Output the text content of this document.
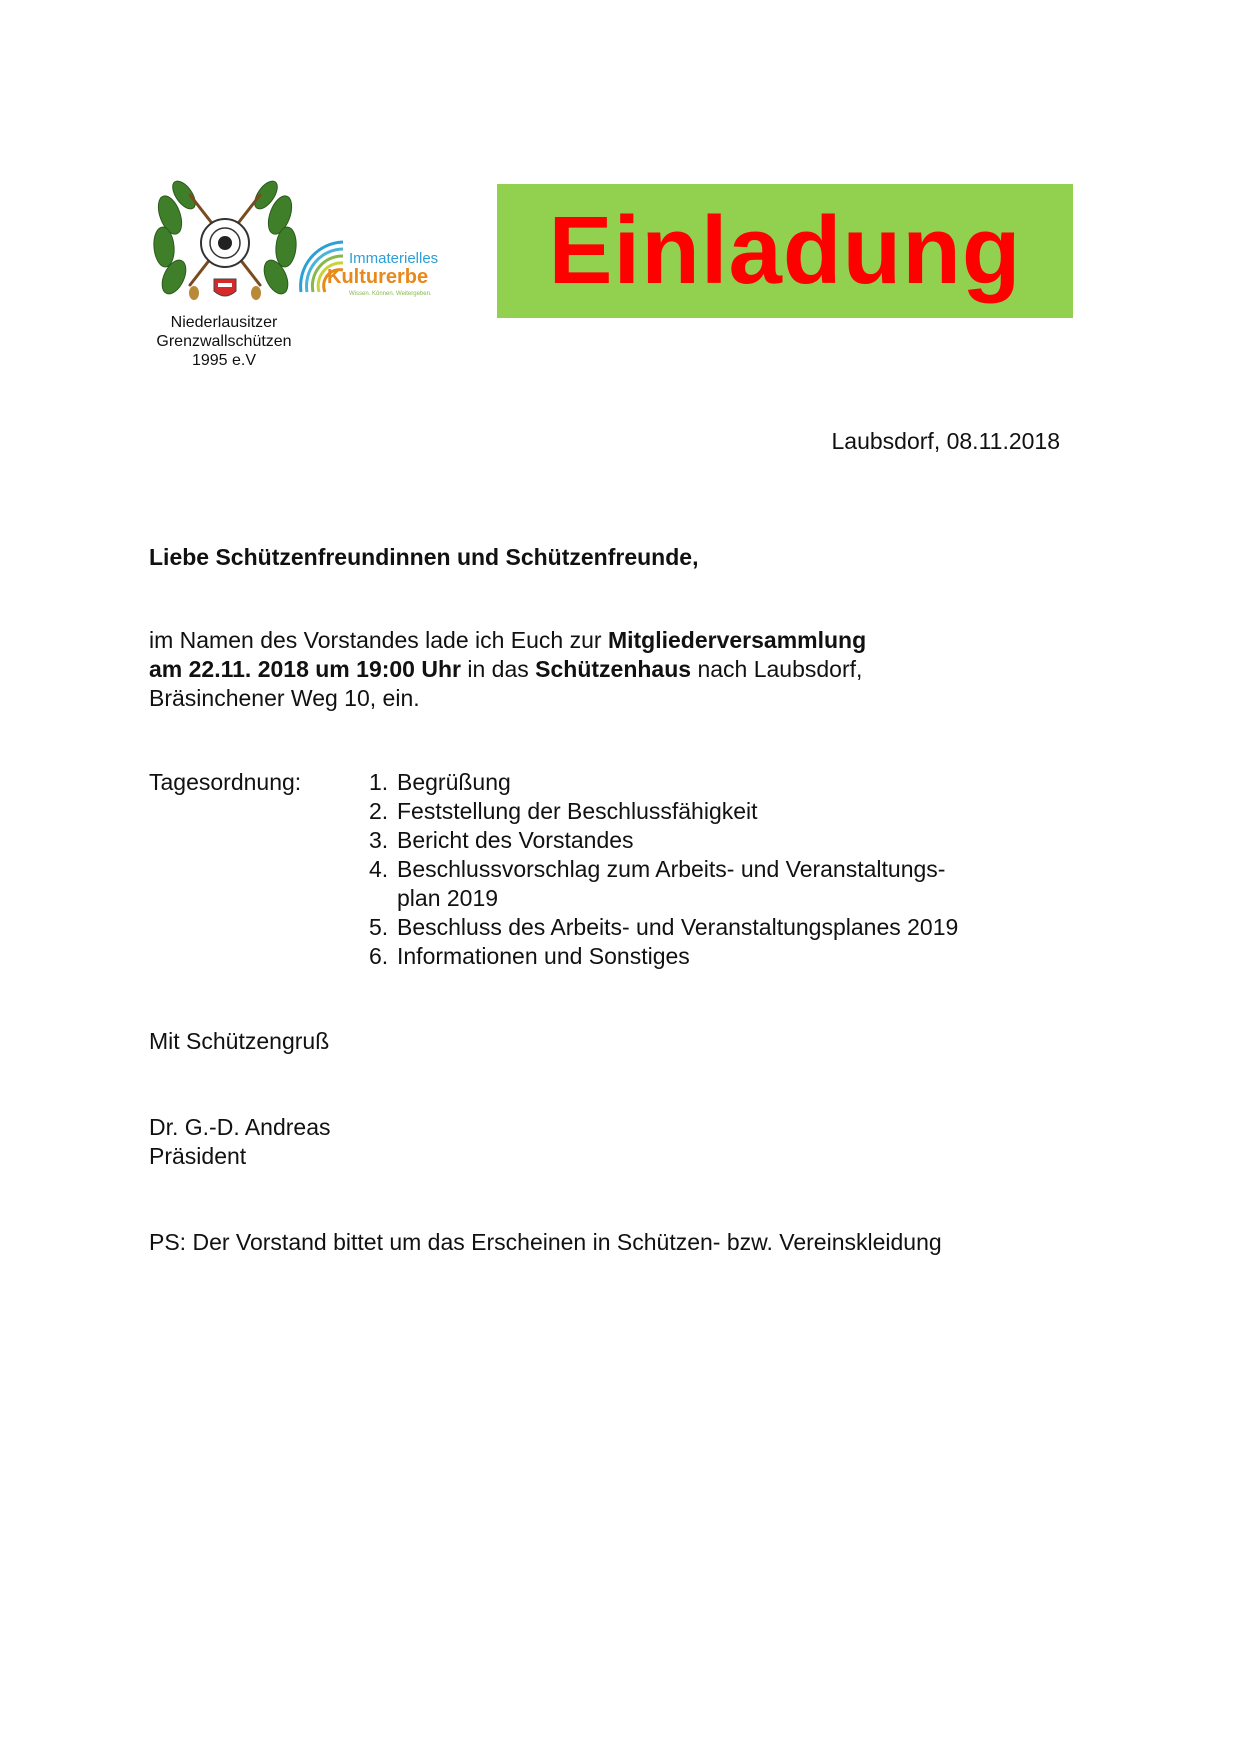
Niederlausitzer
Grenzwallschützen
1995 e.V
Immaterielles
Kulturerbe
Wissen. Können. Weitergeben. Einladung
Laubsdorf, 08.11.2018
Liebe Schützenfreundinnen und Schützenfreunde,
im Namen des Vorstandes lade ich Euch zur Mitgliederversammlung
am 22.11. 2018 um 19:00 Uhr in das Schützenhaus nach Laubsdorf,
Bräsinchener Weg 10, ein.
Tagesordnung:	1. Begrüßung
2. Feststellung der Beschlussfähigkeit
3. Bericht des Vorstandes
4. Beschlussvorschlag zum Arbeits- und Veranstaltungs-
plan 2019
5. Beschluss des Arbeits- und Veranstaltungsplanes 2019
6. Informationen und Sonstiges
Mit Schützengruß
Dr. G.-D. Andreas
Präsident
PS: Der Vorstand bittet um das Erscheinen in Schützen- bzw. Vereinskleidung
